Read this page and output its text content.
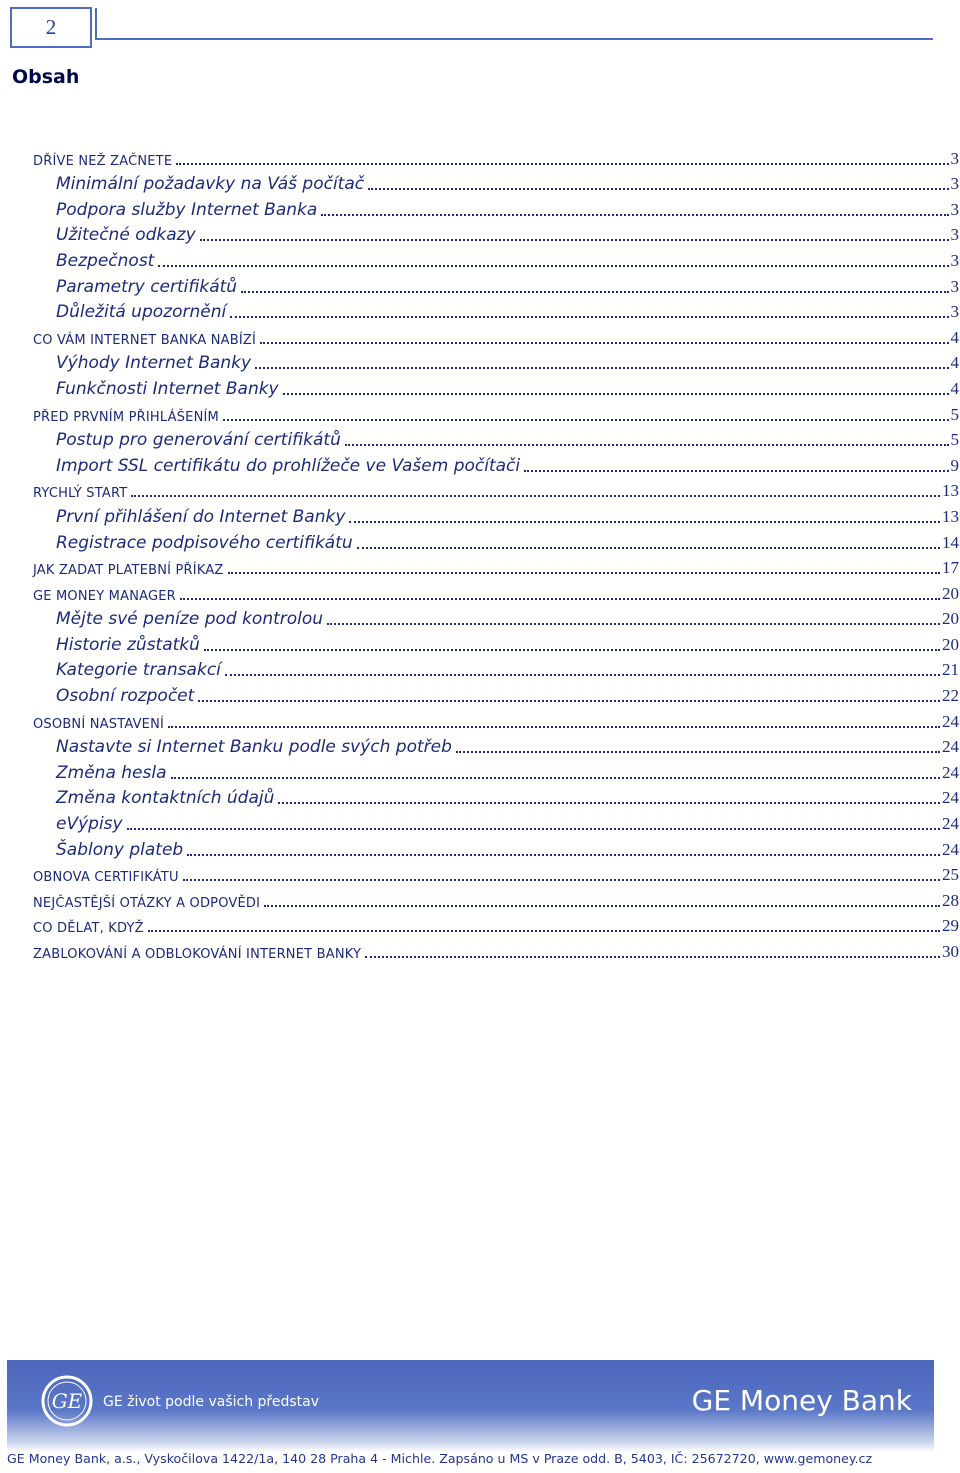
2
Obsah
DŘÍVE NEŽ ZAČNETE	3
Minimální požadavky na Váš počítač	3
Podpora služby Internet Banka	3
Užitečné odkazy	3
Bezpečnost	3
Parametry certifikátů	3
Důležitá upozornění	3
CO VÁM INTERNET BANKA NABÍZÍ	4
Výhody Internet Banky	4
Funkčnosti Internet Banky	4
PŘED PRVNÍM PŘIHLÁŠENÍM	5
Postup pro generování certifikátů	5
Import SSL certifikátu do prohlížeče ve Vašem počítači	9
RYCHLÝ START	13
První přihlášení do Internet Banky	13
Registrace podpisového certifikátu	14
JAK ZADAT PLATEBNÍ PŘÍKAZ	17
GE MONEY MANAGER	20
Mějte své peníze pod kontrolou	20
Historie zůstatků	20
Kategorie transakcí	21
Osobní rozpočet	22
OSOBNÍ NASTAVENÍ	24
Nastavte si Internet Banku podle svých potřeb	24
Změna hesla	24
Změna kontaktních údajů	24
eVýpisy	24
Šablony plateb	24
OBNOVA CERTIFIKÁTU	25
NEJČASTĚJŠÍ OTÁZKY A ODPOVĚDI	28
CO DĚLAT, KDYŽ	29
ZABLOKOVÁNÍ A ODBLOKOVÁNÍ INTERNET BANKY	30
GE GE život podle vašich představ	GE Money Bank
GE Money Bank, a.s., Vyskočilova 1422/1a, 140 28 Praha 4 - Michle. Zapsáno u MS v Praze odd. B, 5403, IČ: 25672720, www.gemoney.cz
